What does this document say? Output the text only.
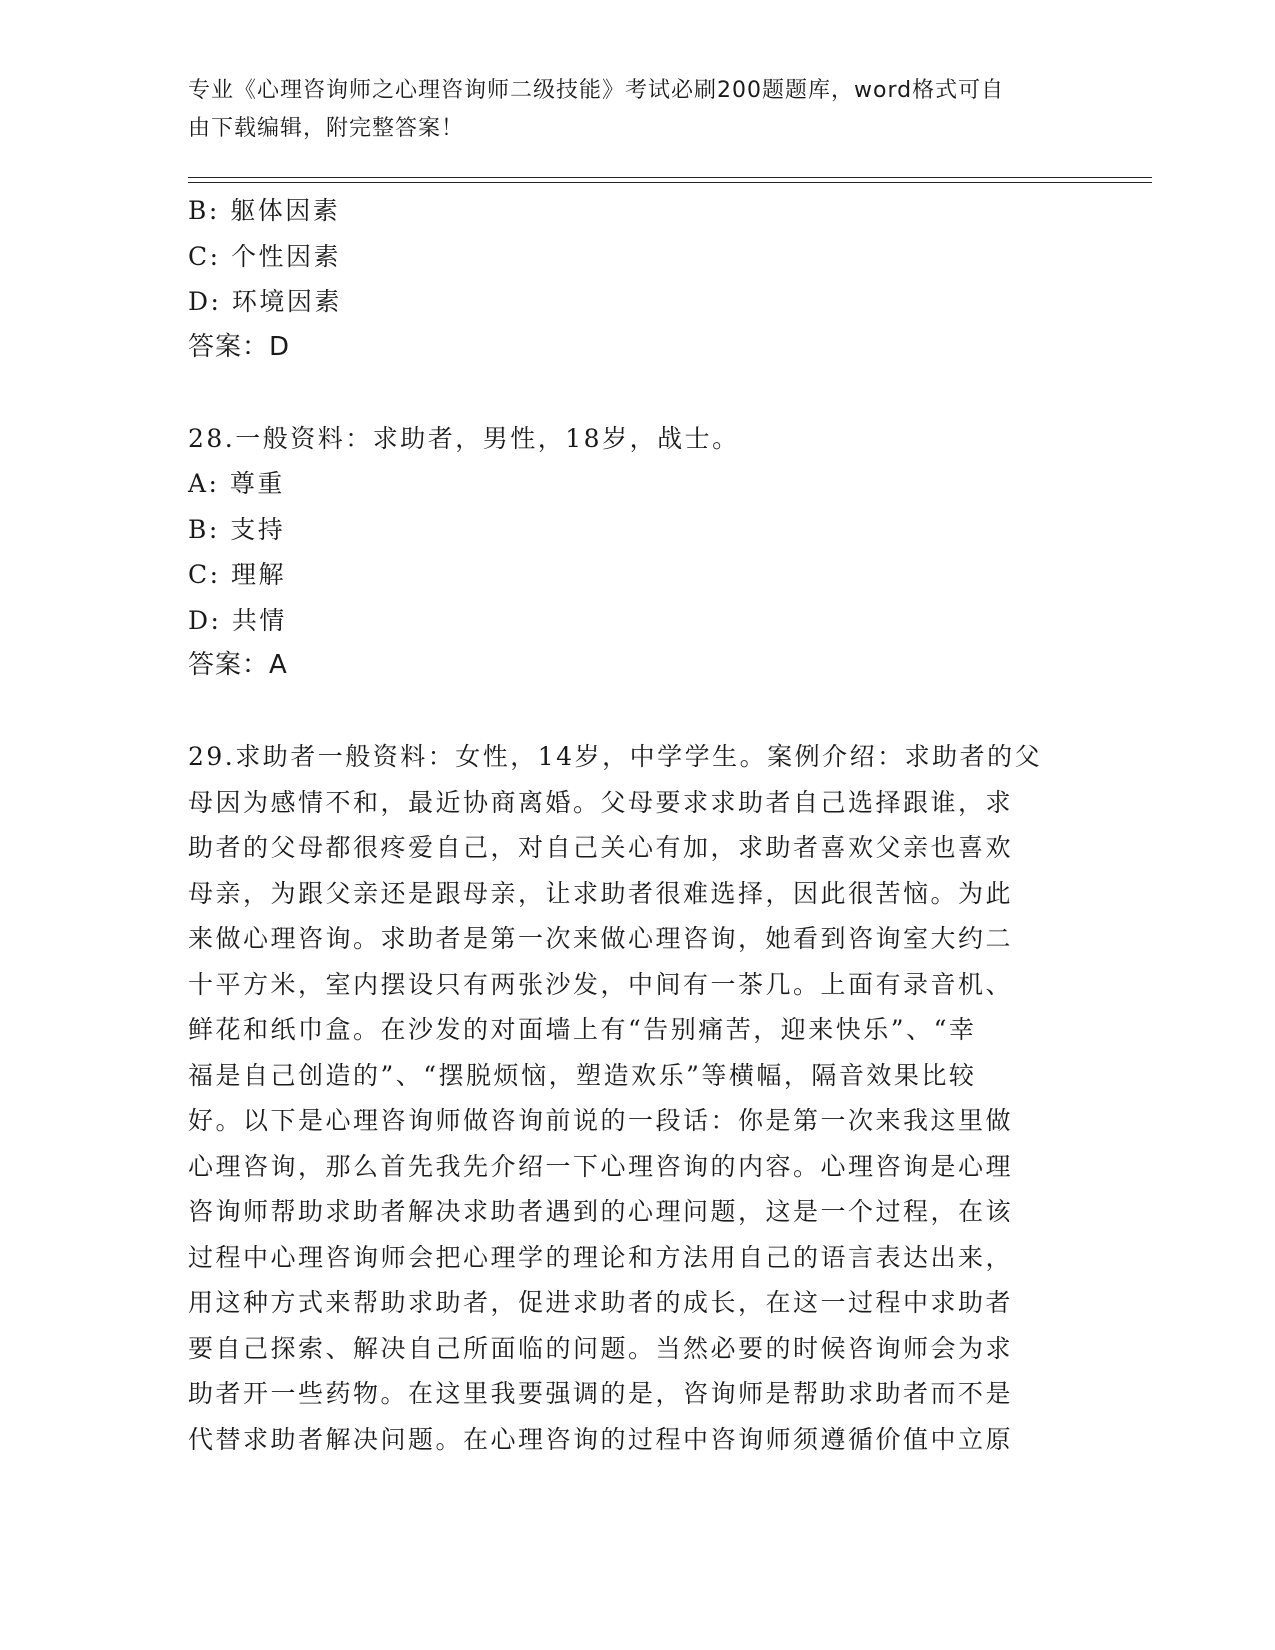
专业《心理咨询师之心理咨询师二级技能》考试必刷200题题库，word格式可自
由下载编辑，附完整答案！
B: 躯体因素
C: 个性因素
D: 环境因素
答案：D
28.一般资料：求助者，男性，18岁，战士。
A: 尊重
B: 支持
C: 理解
D: 共情
答案：A
29.求助者一般资料：女性，14岁，中学学生。案例介绍：求助者的父
母因为感情不和，最近协商离婚。父母要求求助者自己选择跟谁，求
助者的父母都很疼爱自己，对自己关心有加，求助者喜欢父亲也喜欢
母亲，为跟父亲还是跟母亲，让求助者很难选择，因此很苦恼。为此
来做心理咨询。求助者是第一次来做心理咨询，她看到咨询室大约二
十平方米，室内摆设只有两张沙发，中间有一茶几。上面有录音机、
鲜花和纸巾盒。在沙发的对面墙上有“告别痛苦，迎来快乐”、“幸
福是自己创造的”、“摆脱烦恼，塑造欢乐”等横幅，隔音效果比较
好。以下是心理咨询师做咨询前说的一段话：你是第一次来我这里做
心理咨询，那么首先我先介绍一下心理咨询的内容。心理咨询是心理
咨询师帮助求助者解决求助者遇到的心理问题，这是一个过程，在该
过程中心理咨询师会把心理学的理论和方法用自己的语言表达出来，
用这种方式来帮助求助者，促进求助者的成长，在这一过程中求助者
要自己探索、解决自己所面临的问题。当然必要的时候咨询师会为求
助者开一些药物。在这里我要强调的是，咨询师是帮助求助者而不是
代替求助者解决问题。在心理咨询的过程中咨询师须遵循价值中立原
